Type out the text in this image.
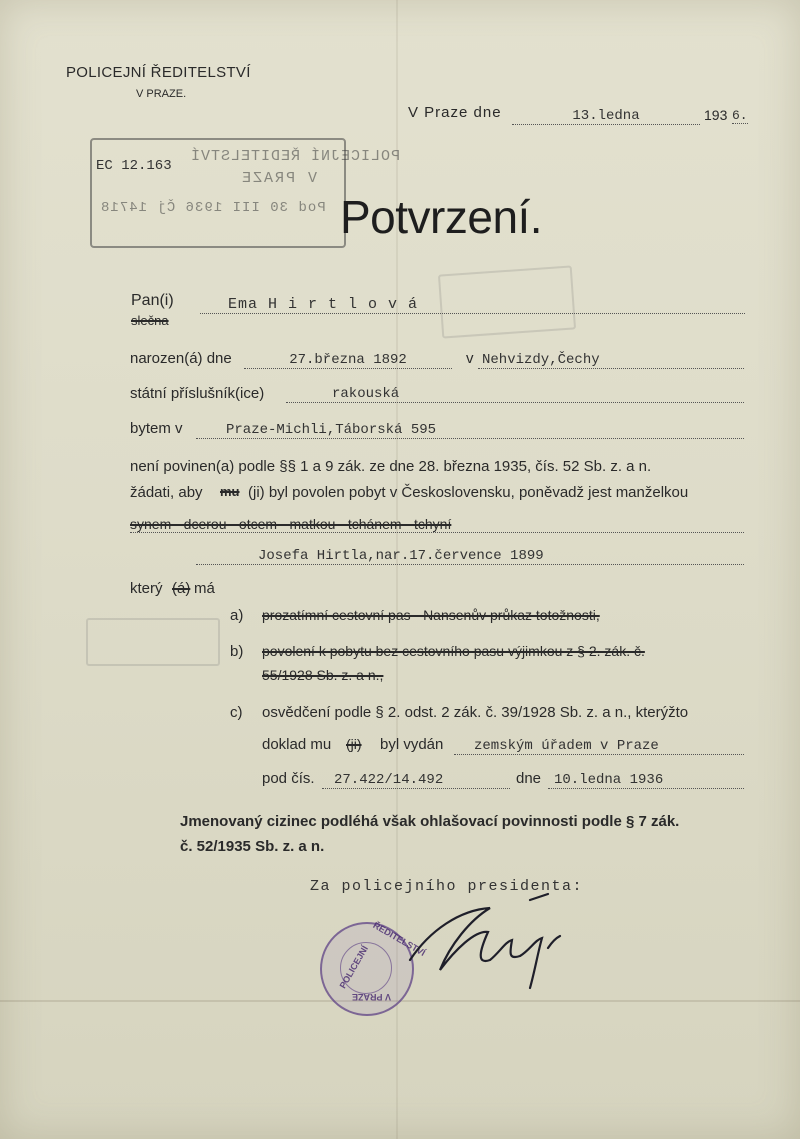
POLICEJNÍ ŘEDITELSTVÍ
V PRAZE.
V Praze dne	13.ledna	193 6.
EC 12.163
POLICEJNÍ ŘEDITELSTVÍ
V PRAZE
Pod 30 III 1936 Čj 14718 Potvrzení.
Pan(i)
slečna
Ema H i r t l o v á
narozen(á) dne	27.března 1892	v Nehvizdy,Čechy
státní příslušník(ice)	rakouská
bytem v	Praze-Michli,Táborská 595
není povinen(a) podle §§ 1 a 9 zák. ze dne 28. března 1935, čís. 52 Sb. z. a n.
žádati, aby mu (ji) byl povolen pobyt v Československu, poněvadž jest manželkou
synem - dcerou - otcem - matkou - tchánem - tchyní
Josefa Hirtla,nar.17.července 1899
který (á) má
a) prozatímní cestovní pas - Nansenův průkaz totožnosti,
b) povolení k pobytu bez cestovního pasu výjimkou z § 2. zák. č.
55/1928 Sb. z. a n.,
c) osvědčení podle § 2. odst. 2 zák. č. 39/1928 Sb. z. a n., kterýžto
doklad mu (ji) byl vydán	zemským úřadem v Praze
pod čís.	27.422/14.492	dne 10.ledna 1936
Jmenovaný cizinec podléhá však ohlašovací povinnosti podle § 7 zák.
č. 52/1935 Sb. z. a n.
Za policejního presidenta:
POLICEJNÍ
ŘEDITELSTVÍ
V PRAZE
